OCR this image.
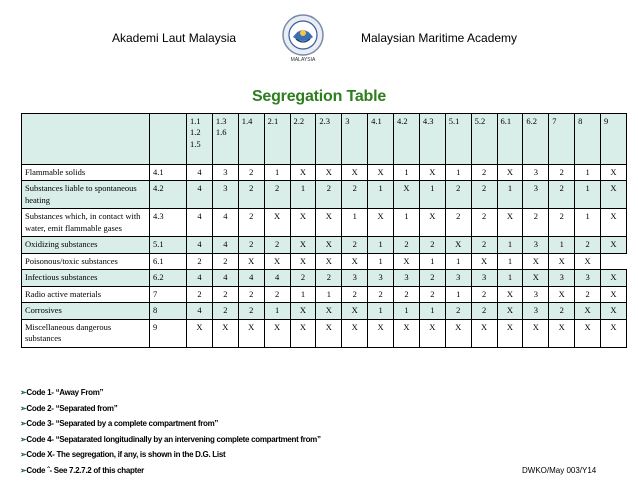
Akademi Laut Malaysia
MALAYSIA
Malaysian Maritime Academy
Segregation Table
		1.1
1.2
1.5	1.3
1.6	1.4	2.1	2.2	2.3	3	4.1	4.2	4.3	5.1	5.2	6.1	6.2	7	8	9
Flammable solids	4.1	4	3	2	1	X	X	X	X	1	X	1	2	X	3	2	1	X
Substances liable to spontaneous heating	4.2	4	3	2	2	1	2	2	1	X	1	2	2	1	3	2	1	X
Substances which, in contact with water, emit flammable gases	4.3	4	4	2	X	X	X	1	X	1	X	2	2	X	2	2	1	X
Oxidizing substances	5.1	4	4	2	2	X	X	2	1	2	2	X	2	1	3	1	2	X
Poisonous/toxic substances	6.1	2	2	X	X	X	X	X	1	X	1	1	X	1	X	X	X	
Infectious substances	6.2	4	4	4	4	2	2	3	3	3	2	3	3	1	X	3	3	X
Radio active materials	7	2	2	2	2	1	1	2	2	2	2	1	2	X	3	X	2	X
Corrosives	8	4	2	2	1	X	X	X	1	1	1	2	2	X	3	2	X	X
Miscellaneous dangerous substances	9	X	X	X	X	X	X	X	X	X	X	X	X	X	X	X	X	X
➢Code 1- “Away From”
➢Code 2- “Separated from”
➢Code 3- “Separated by a complete compartment from”
➢Code 4- “Sepatarated longitudinally by an intervening complete compartment from”
➢Code X- The segregation, if any, is shown in the D.G. List
➢Code ˆ- See 7.2.7.2 of this chapter	DWKO/May 003/Y14
